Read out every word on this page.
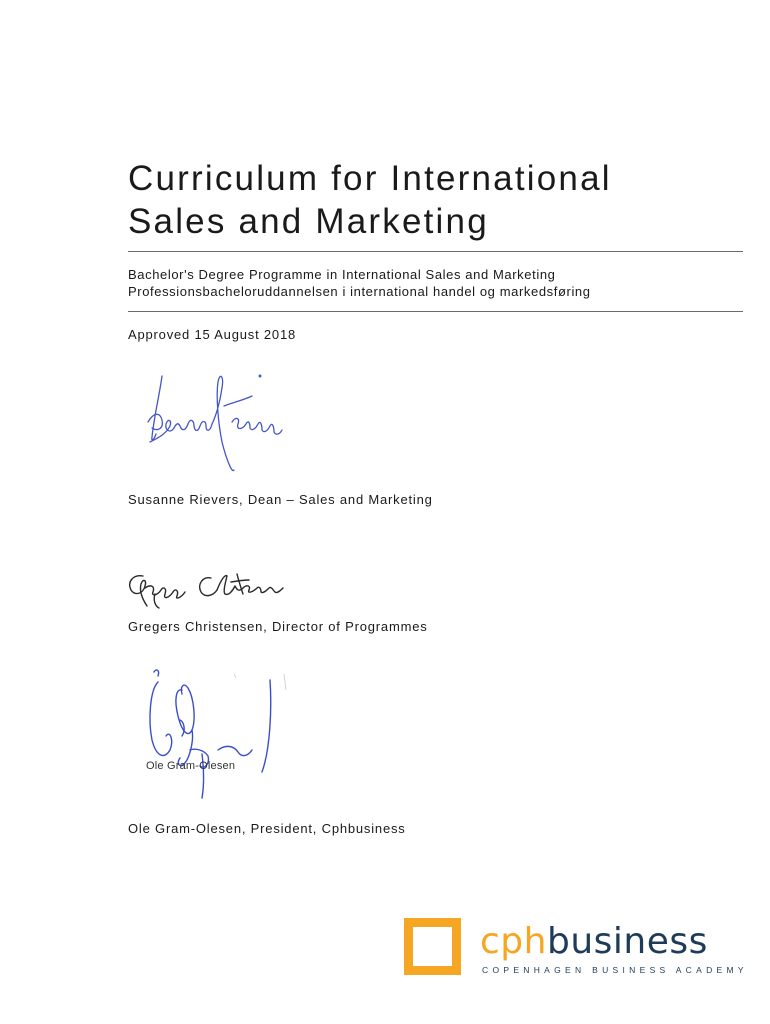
Curriculum for International
Sales and Marketing
Bachelor's Degree Programme in International Sales and Marketing
Professionsbacheloruddannelsen i international handel og markedsføring
Approved 15 August 2018
Susanne Rievers, Dean – Sales and Marketing
Gregers Christensen, Director of Programmes
Ole Gram-Olesen
Ole Gram-Olesen, President, Cphbusiness
cphbusiness
COPENHAGEN BUSINESS ACADEMY
